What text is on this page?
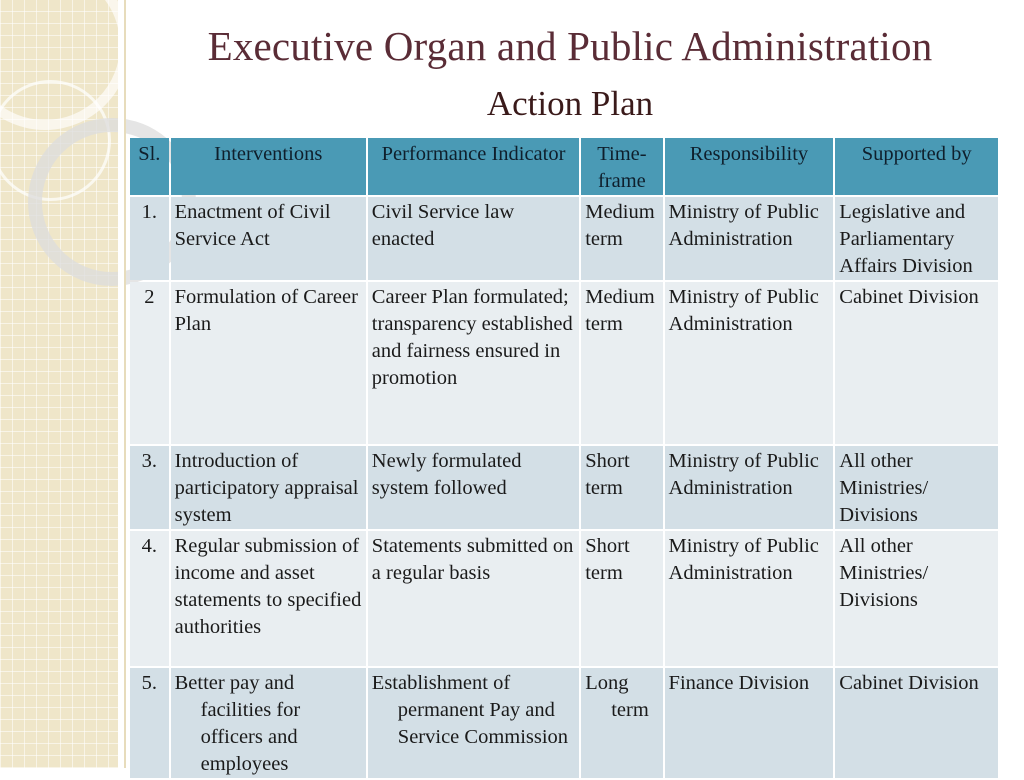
Executive Organ and Public Administration
Action Plan
Sl.	Interventions	Performance Indicator	Time-frame	Responsibility	Supported by
1.	Enactment of Civil Service Act	Civil Service law enacted	Medium term	Ministry of Public Administration	Legislative and Parliamentary Affairs Division
2	Formulation of Career Plan	Career Plan formulated; transparency established and fairness ensured in promotion	Medium term	Ministry of Public Administration	Cabinet Division
3.	Introduction of participatory appraisal system	Newly formulated system followed	Short term	Ministry of Public Administration	All other Ministries/ Divisions
4.	Regular submission of income and asset statements to specified authorities	Statements submitted on a regular basis	Short term	Ministry of Public Administration	All other Ministries/ Divisions
5.	Better pay and facilities for officers and employees	Establishment of permanent Pay and Service Commission	Long term	Finance Division	Cabinet Division
